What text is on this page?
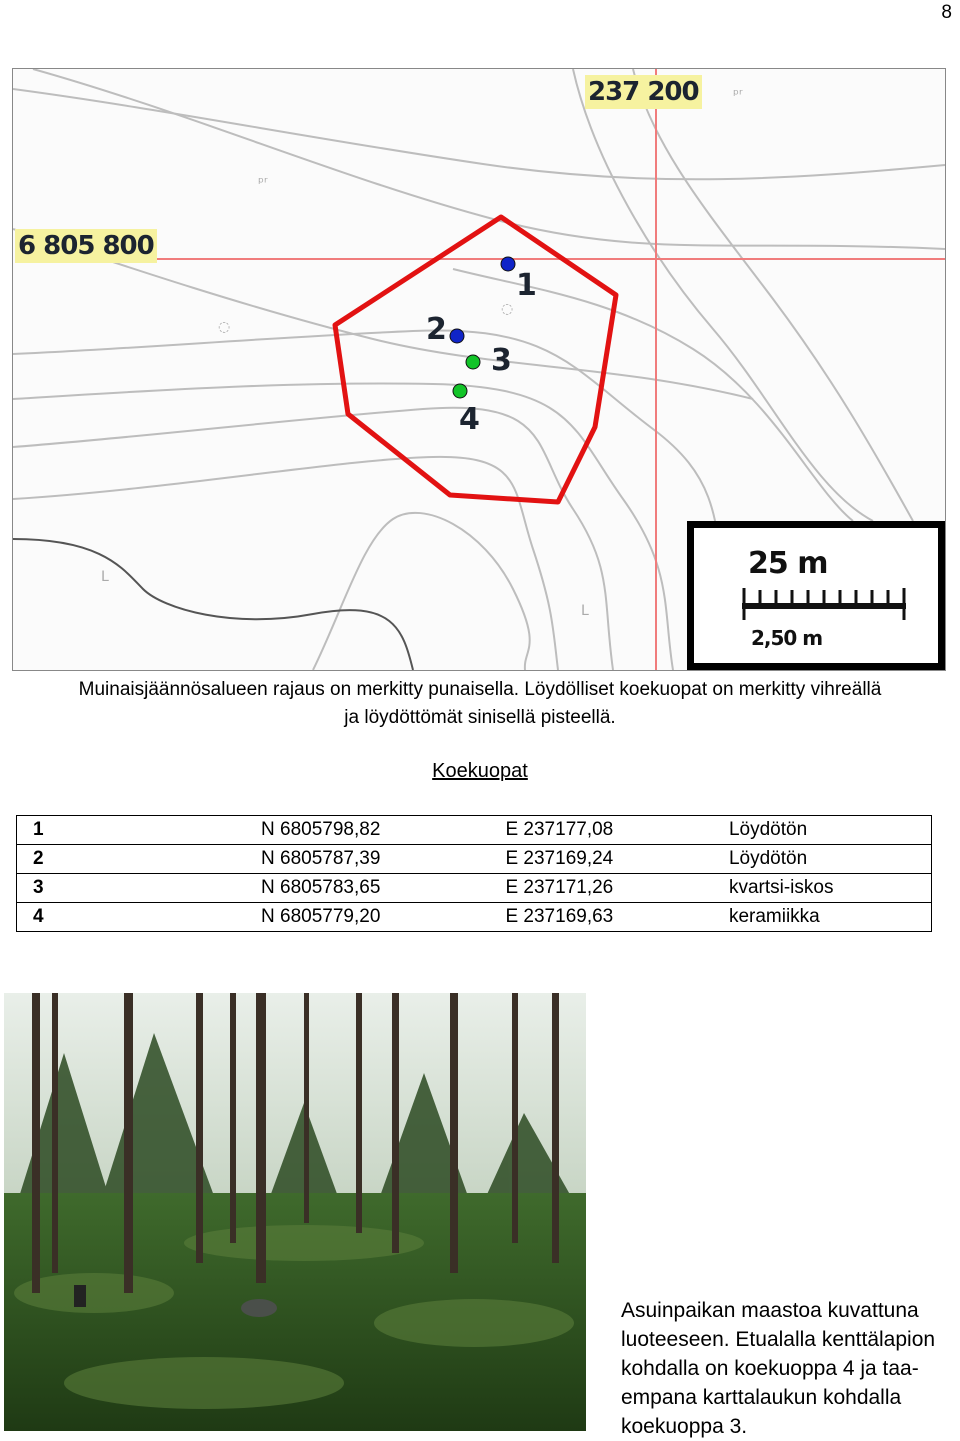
8
ᵖʳ
ᵖʳ
◌
◌
L
L
1
2
3
4
237 200
6 805 800
25 m
2,50 m
Muinaisjäännösalueen rajaus on merkitty punaisella. Löydölliset koekuopat on merkitty vihreällä
ja löydöttömät sinisellä pisteellä.
Koekuopat
1	N 6805798,82	E 237177,08	Löydötön
2	N 6805787,39	E 237169,24	Löydötön
3	N 6805783,65	E 237171,26	kvartsi-iskos
4	N 6805779,20	E 237169,63	keramiikka
Asuinpaikan maastoa kuvattuna
luoteeseen. Etualalla kenttälapion
kohdalla on koekuoppa 4 ja taa-
empana karttalaukun kohdalla
koekuoppa 3.
